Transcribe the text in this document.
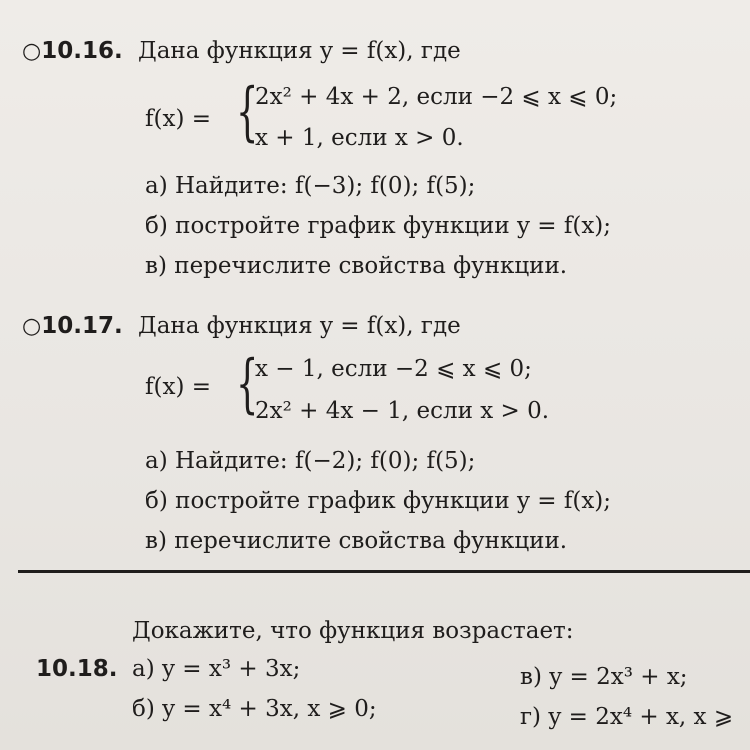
○10.16. Дана функция y = f(x), где
f(x) = {
2x² + 4x + 2, если −2 ⩽ x ⩽ 0;
x + 1, если x > 0.
а) Найдите: f(−3); f(0); f(5);
б) постройте график функции y = f(x);
в) перечислите свойства функции.
○10.17. Дана функция y = f(x), где
f(x) = {
x − 1, если −2 ⩽ x ⩽ 0;
2x² + 4x − 1, если x > 0.
а) Найдите: f(−2); f(0); f(5);
б) постройте график функции y = f(x);
в) перечислите свойства функции.
Докажите, что функция возрастает:
10.18. а) y = x³ + 3x;
б) y = x⁴ + 3x, x ⩾ 0;
в) y = 2x³ + x;
г) y = 2x⁴ + x, x ⩾
